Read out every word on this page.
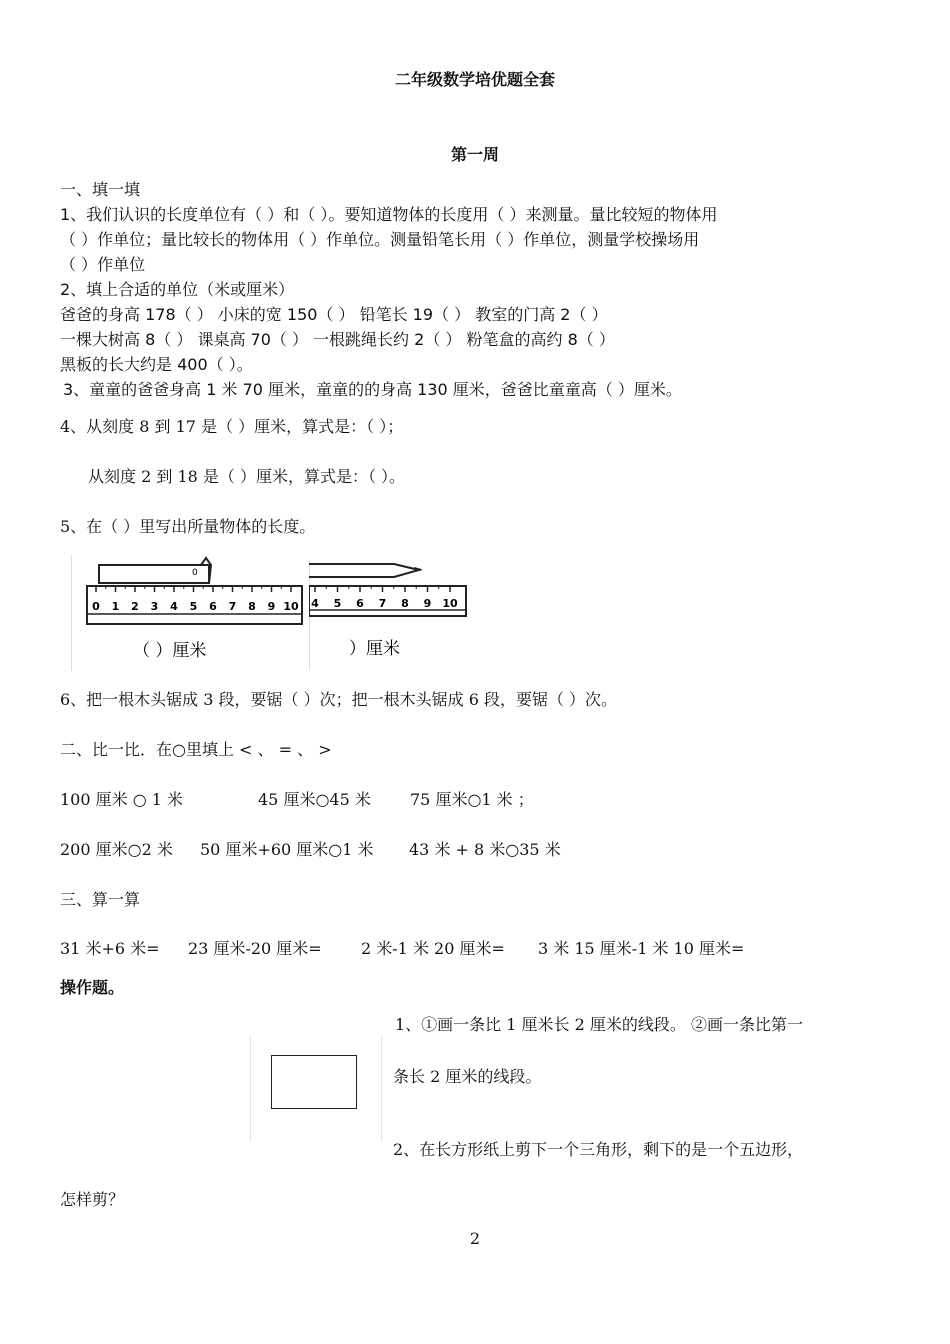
二年级数学培优题全套
第一周
一、填一填
1、我们认识的长度单位有（ ）和（ ）。要知道物体的长度用（ ）来测量。量比较短的物体用
（ ）作单位；量比较长的物体用（ ）作单位。测量铅笔长用（ ）作单位，测量学校操场用
（ ）作单位
2、填上合适的单位（米或厘米）
爸爸的身高 178（ ） 小床的宽 150（ ） 铅笔长 19（ ） 教室的门高 2（ ）
一棵大树高 8（ ） 课桌高 70（ ） 一根跳绳长约 2（ ） 粉笔盒的高约 8（ ）
黑板的长大约是 400（ ）。
3、童童的爸爸身高 1 米 70 厘米，童童的的身高 130 厘米，爸爸比童童高（ ）厘米。
4、从刻度 8 到 17 是（ ）厘米，算式是：（ ）；
从刻度 2 到 18 是（ ）厘米，算式是：（ ）。
5、在（ ）里写出所量物体的长度。
0 1 2 3 4 5 6 7 8 9 10
0
（ ）厘米
4 5 6 7 8 9 10
）厘米
6、把一根木头锯成 3 段，要锯（ ）次；把一根木头锯成 6 段，要锯（ ）次。
二、比一比．在○里填上 < 、 = 、 >
100 厘米 ○ 1 米	45 厘米○45 米 75 厘米○1 米 ；
200 厘米○2 米 50 厘米+60 厘米○1 米 43 米 + 8 米○35 米
三、算一算
31 米+6 米= 23 厘米-20 厘米= 2 米-1 米 20 厘米= 3 米 15 厘米-1 米 10 厘米=
操作题。
1、①画一条比 1 厘米长 2 厘米的线段。 ②画一条比第一
条长 2 厘米的线段。
2、在长方形纸上剪下一个三角形，剩下的是一个五边形，
怎样剪？
2
